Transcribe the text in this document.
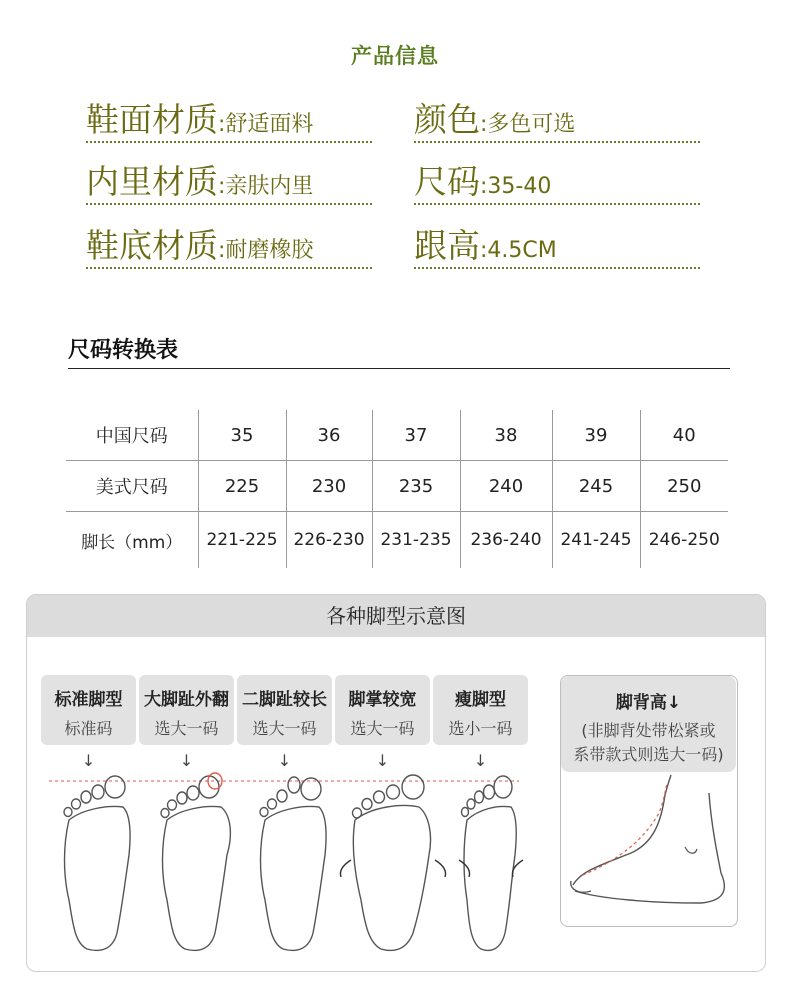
产品信息
鞋面材质:舒适面料	颜色:多色可选
内里材质:亲肤内里	尺码:35-40
鞋底材质:耐磨橡胶	跟高:4.5CM
尺码转换表
中国尺码	35	36	37	38	39	40
美式尺码	225	230	235	240	245	250
脚长（mm）	221-225	226-230	231-235	236-240	241-245	246-250
各种脚型示意图
标准脚型
标准码
大脚趾外翻
选大一码
二脚趾较长
选大一码
脚掌较宽
选大一码
瘦脚型
选小一码
↓	↓	↓	↓	↓
脚背高↓
(非脚背处带松紧或
系带款式则选大一码)
